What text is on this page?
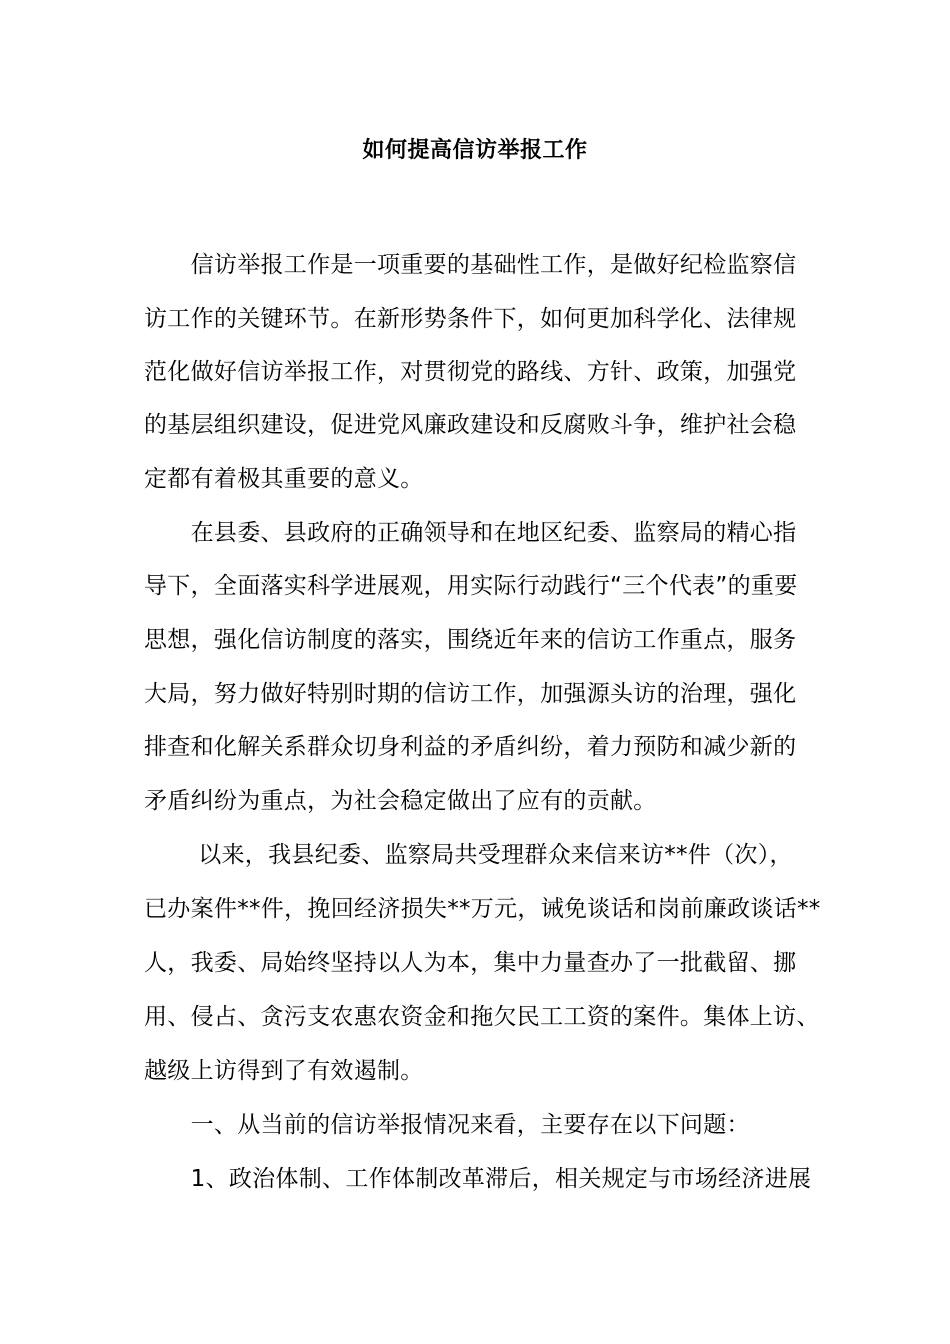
如何提高信访举报工作

　　信访举报工作是一项重要的基础性工作，是做好纪检监察信

访工作的关键环节。在新形势条件下，如何更加科学化、法律规

范化做好信访举报工作，对贯彻党的路线、方针、政策，加强党

的基层组织建设，促进党风廉政建设和反腐败斗争，维护社会稳

定都有着极其重要的意义。

　　在县委、县政府的正确领导和在地区纪委、监察局的精心指

导下，全面落实科学进展观，用实际行动践行“三个代表”的重要

思想，强化信访制度的落实，围绕近年来的信访工作重点，服务

大局，努力做好特别时期的信访工作，加强源头访的治理，强化

排查和化解关系群众切身利益的矛盾纠纷，着力预防和减少新的

矛盾纠纷为重点，为社会稳定做出了应有的贡献。

　　 以来，我县纪委、监察局共受理群众来信来访**件（次），

已办案件**件，挽回经济损失**万元，诫免谈话和岗前廉政谈话**

人，我委、局始终坚持以人为本，集中力量查办了一批截留、挪

用、侵占、贪污支农惠农资金和拖欠民工工资的案件。集体上访、

越级上访得到了有效遏制。

　　一、从当前的信访举报情况来看，主要存在以下问题：

　　1、政治体制、工作体制改革滞后，相关规定与市场经济进展
